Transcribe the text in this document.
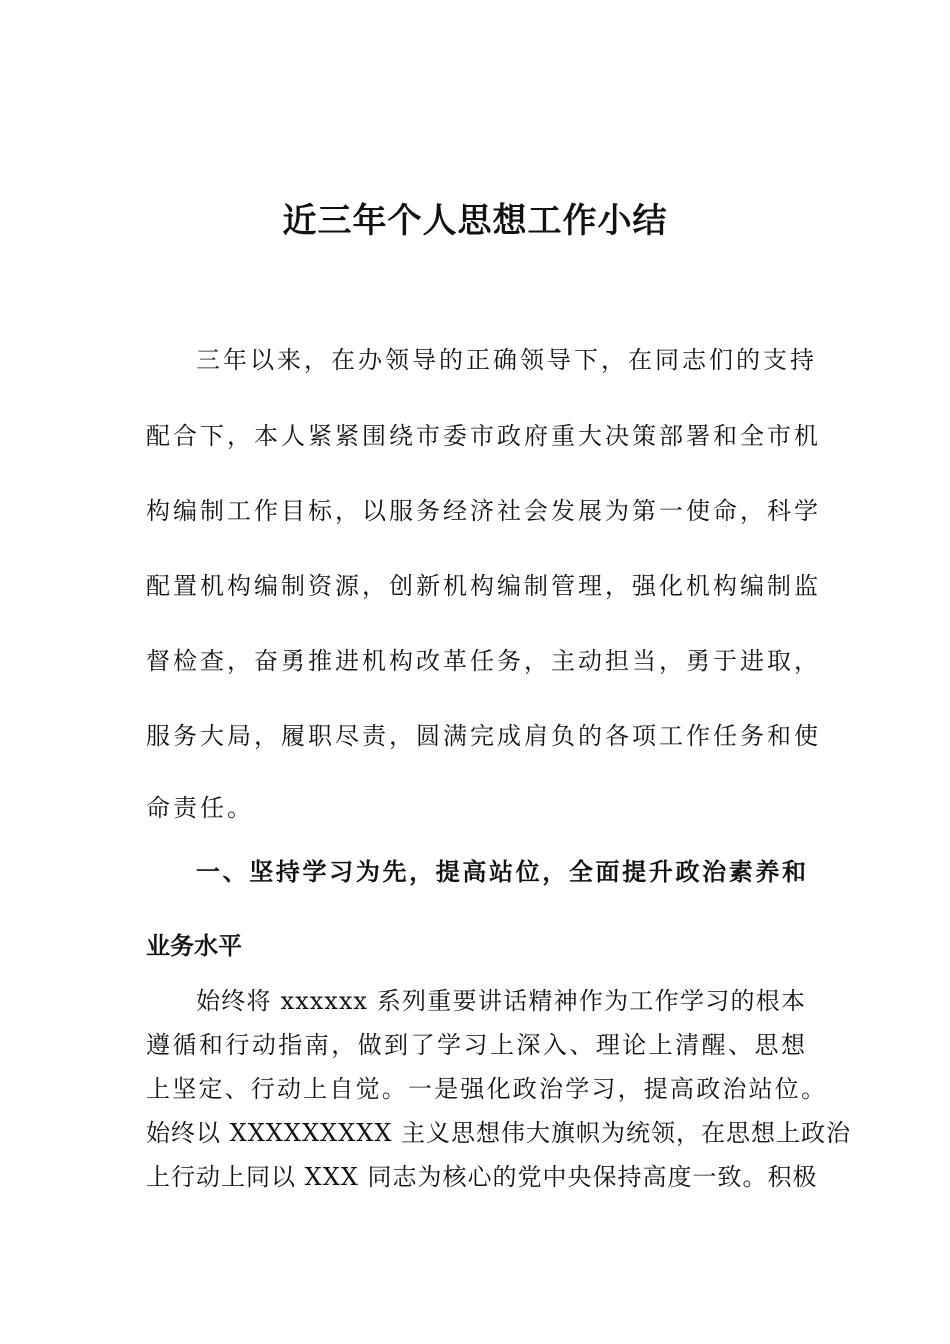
近三年个人思想工作小结
三年以来，在办领导的正确领导下，在同志们的支持
配合下，本人紧紧围绕市委市政府重大决策部署和全市机
构编制工作目标，以服务经济社会发展为第一使命，科学
配置机构编制资源，创新机构编制管理，强化机构编制监
督检查，奋勇推进机构改革任务，主动担当，勇于进取，
服务大局，履职尽责，圆满完成肩负的各项工作任务和使
命责任。
一、坚持学习为先，提高站位，全面提升政治素养和
业务水平
始终将 xxxxxx 系列重要讲话精神作为工作学习的根本
遵循和行动指南，做到了学习上深入、理论上清醒、思想
上坚定、行动上自觉。一是强化政治学习，提高政治站位。
始终以 XXXXXXXXX 主义思想伟大旗帜为统领，在思想上政治
上行动上同以 XXX 同志为核心的党中央保持高度一致。积极
